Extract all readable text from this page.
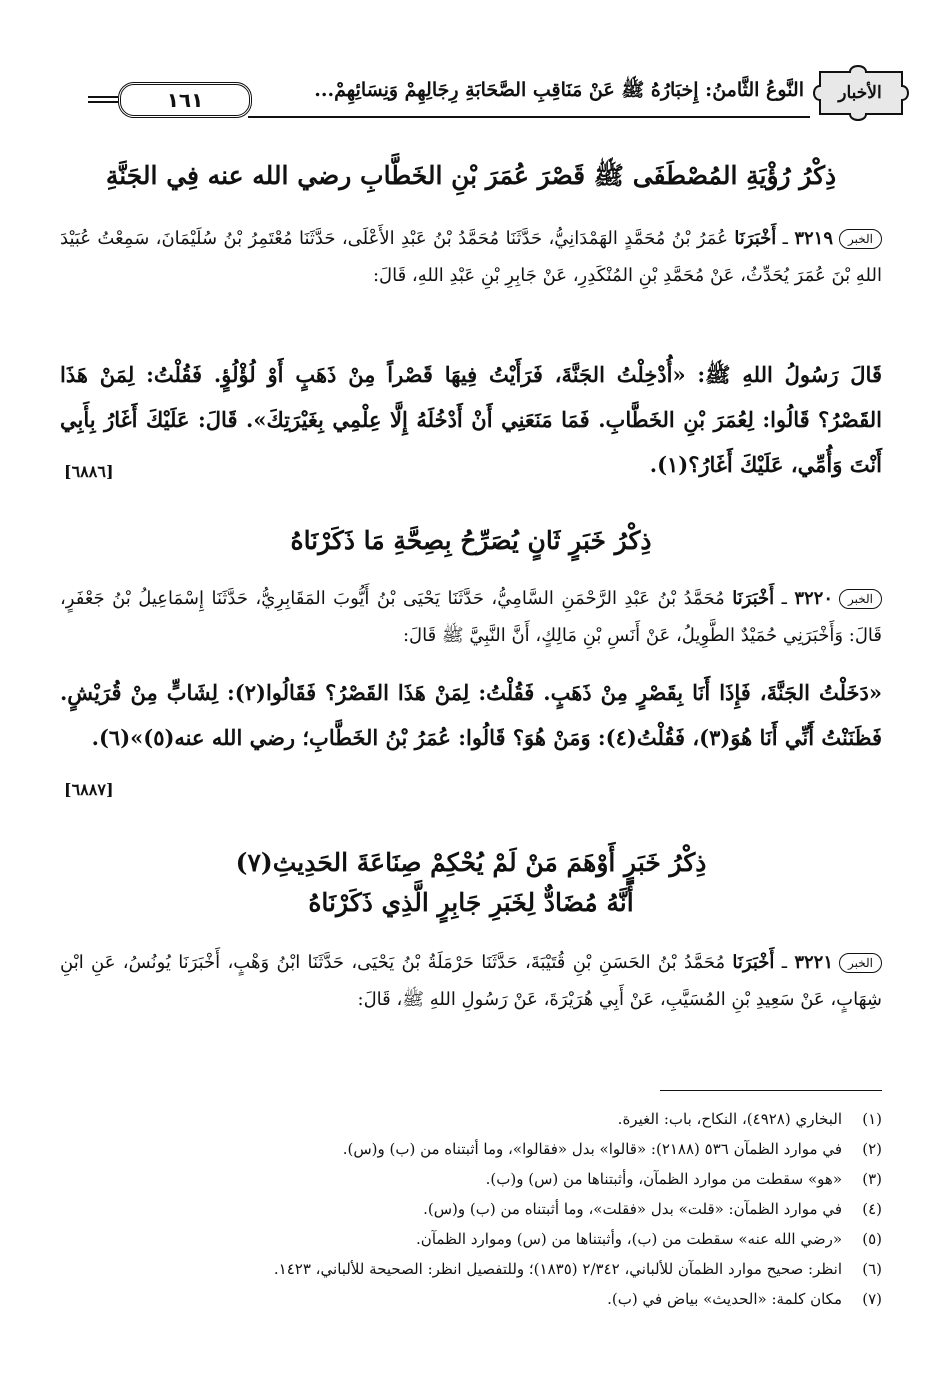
الأخبار
النَّوعُ الثَّامنُ: إِخبَارُهُ ﷺ عَنْ مَنَاقِبِ الصَّحَابَةِ رِجَالِهِمْ وَنِسَائِهِمْ...
١٦١
ذِكْرُ رُؤْيَةِ المُصْطَفَى ﷺ قَصْرَ عُمَرَ بْنِ الخَطَّابِ رضي الله عنه فِي الجَنَّةِ
الخبر٣٢١٩ ـ أَخْبَرَنَا عُمَرُ بْنُ مُحَمَّدٍ الهَمْدَانِيُّ، حَدَّثَنَا مُحَمَّدُ بْنُ عَبْدِ الأَعْلَى، حَدَّثَنَا مُعْتَمِرُ بْنُ سُلَيْمَانَ، سَمِعْتُ عُبَيْدَ اللهِ بْنَ عُمَرَ يُحَدِّثُ، عَنْ مُحَمَّدِ بْنِ المُنْكَدِرِ، عَنْ جَابِرِ بْنِ عَبْدِ اللهِ، قَالَ:
قَالَ رَسُولُ اللهِ ﷺ: «أُدْخِلْتُ الجَنَّةَ، فَرَأَيْتُ فِيهَا قَصْراً مِنْ ذَهَبٍ أَوْ لُؤْلُؤٍ. فَقُلْتُ: لِمَنْ هَذَا القَصْرُ؟ قَالُوا: لِعُمَرَ بْنِ الخَطَّابِ. فَمَا مَنَعَنِي أَنْ أَدْخُلَهُ إِلَّا عِلْمِي بِغَيْرَتِكَ». قَالَ: عَلَيْكَ أَغَارُ بِأَبِي أَنْتَ وَأُمِّي، عَلَيْكَ أَغَارُ؟(١).
[٦٨٨٦]
ذِكْرُ خَبَرٍ ثَانٍ يُصَرِّحُ بِصِحَّةِ مَا ذَكَرْنَاهُ
الخبر٣٢٢٠ ـ أَخْبَرَنَا مُحَمَّدُ بْنُ عَبْدِ الرَّحْمَنِ السَّامِيُّ، حَدَّثَنَا يَحْيَى بْنُ أَيُّوبَ المَقَابِرِيُّ، حَدَّثَنَا إِسْمَاعِيلُ بْنُ جَعْفَرٍ، قَالَ: وَأَخْبَرَنِي حُمَيْدٌ الطَّوِيلُ، عَنْ أَنَسِ بْنِ مَالِكٍ، أَنَّ النَّبِيَّ ﷺ قَالَ:
«دَخَلْتُ الجَنَّةَ، فَإِذَا أَنَا بِقَصْرٍ مِنْ ذَهَبٍ. فَقُلْتُ: لِمَنْ هَذَا القَصْرُ؟ فَقَالُوا(٢): لِشَابٍّ مِنْ قُرَيْشٍ. فَظَنَنْتُ أَنِّي أَنَا هُوَ(٣)، فَقُلْتُ(٤): وَمَنْ هُوَ؟ قَالُوا: عُمَرُ بْنُ الخَطَّابِ؛ رضي الله عنه(٥)»(٦).
[٦٨٨٧]
ذِكْرُ خَبَرٍ أَوْهَمَ مَنْ لَمْ يُحْكِمْ صِنَاعَةَ الحَدِيثِ(٧)
أَنَّهُ مُضَادٌّ لِخَبَرِ جَابِرٍ الَّذِي ذَكَرْنَاهُ
الخبر٣٢٢١ ـ أَخْبَرَنَا مُحَمَّدُ بْنُ الحَسَنِ بْنِ قُتَيْبَةَ، حَدَّثَنَا حَرْمَلَةُ بْنُ يَحْيَى، حَدَّثَنَا ابْنُ وَهْبٍ، أَخْبَرَنَا يُونُسُ، عَنِ ابْنِ شِهَابٍ، عَنْ سَعِيدِ بْنِ المُسَيَّبِ، عَنْ أَبِي هُرَيْرَةَ، عَنْ رَسُولِ اللهِ ﷺ، قَالَ:
(١)
البخاري (٤٩٢٨)، النكاح، باب: الغيرة.
(٢)
في موارد الظمآن ٥٣٦ (٢١٨٨): «قالوا» بدل «فقالوا»، وما أثبتناه من (ب) و(س).
(٣)
«هو» سقطت من موارد الظمآن، وأثبتناها من (س) و(ب).
(٤)
في موارد الظمآن: «قلت» بدل «فقلت»، وما أثبتناه من (ب) و(س).
(٥)
«رضي الله عنه» سقطت من (ب)، وأثبتناها من (س) وموارد الظمآن.
(٦)
انظر: صحيح موارد الظمآن للألباني، ٢/٣٤٢ (١٨٣٥)؛ وللتفصيل انظر: الصحيحة للألباني، ١٤٢٣.
(٧)
مكان كلمة: «الحديث» بياض في (ب).
